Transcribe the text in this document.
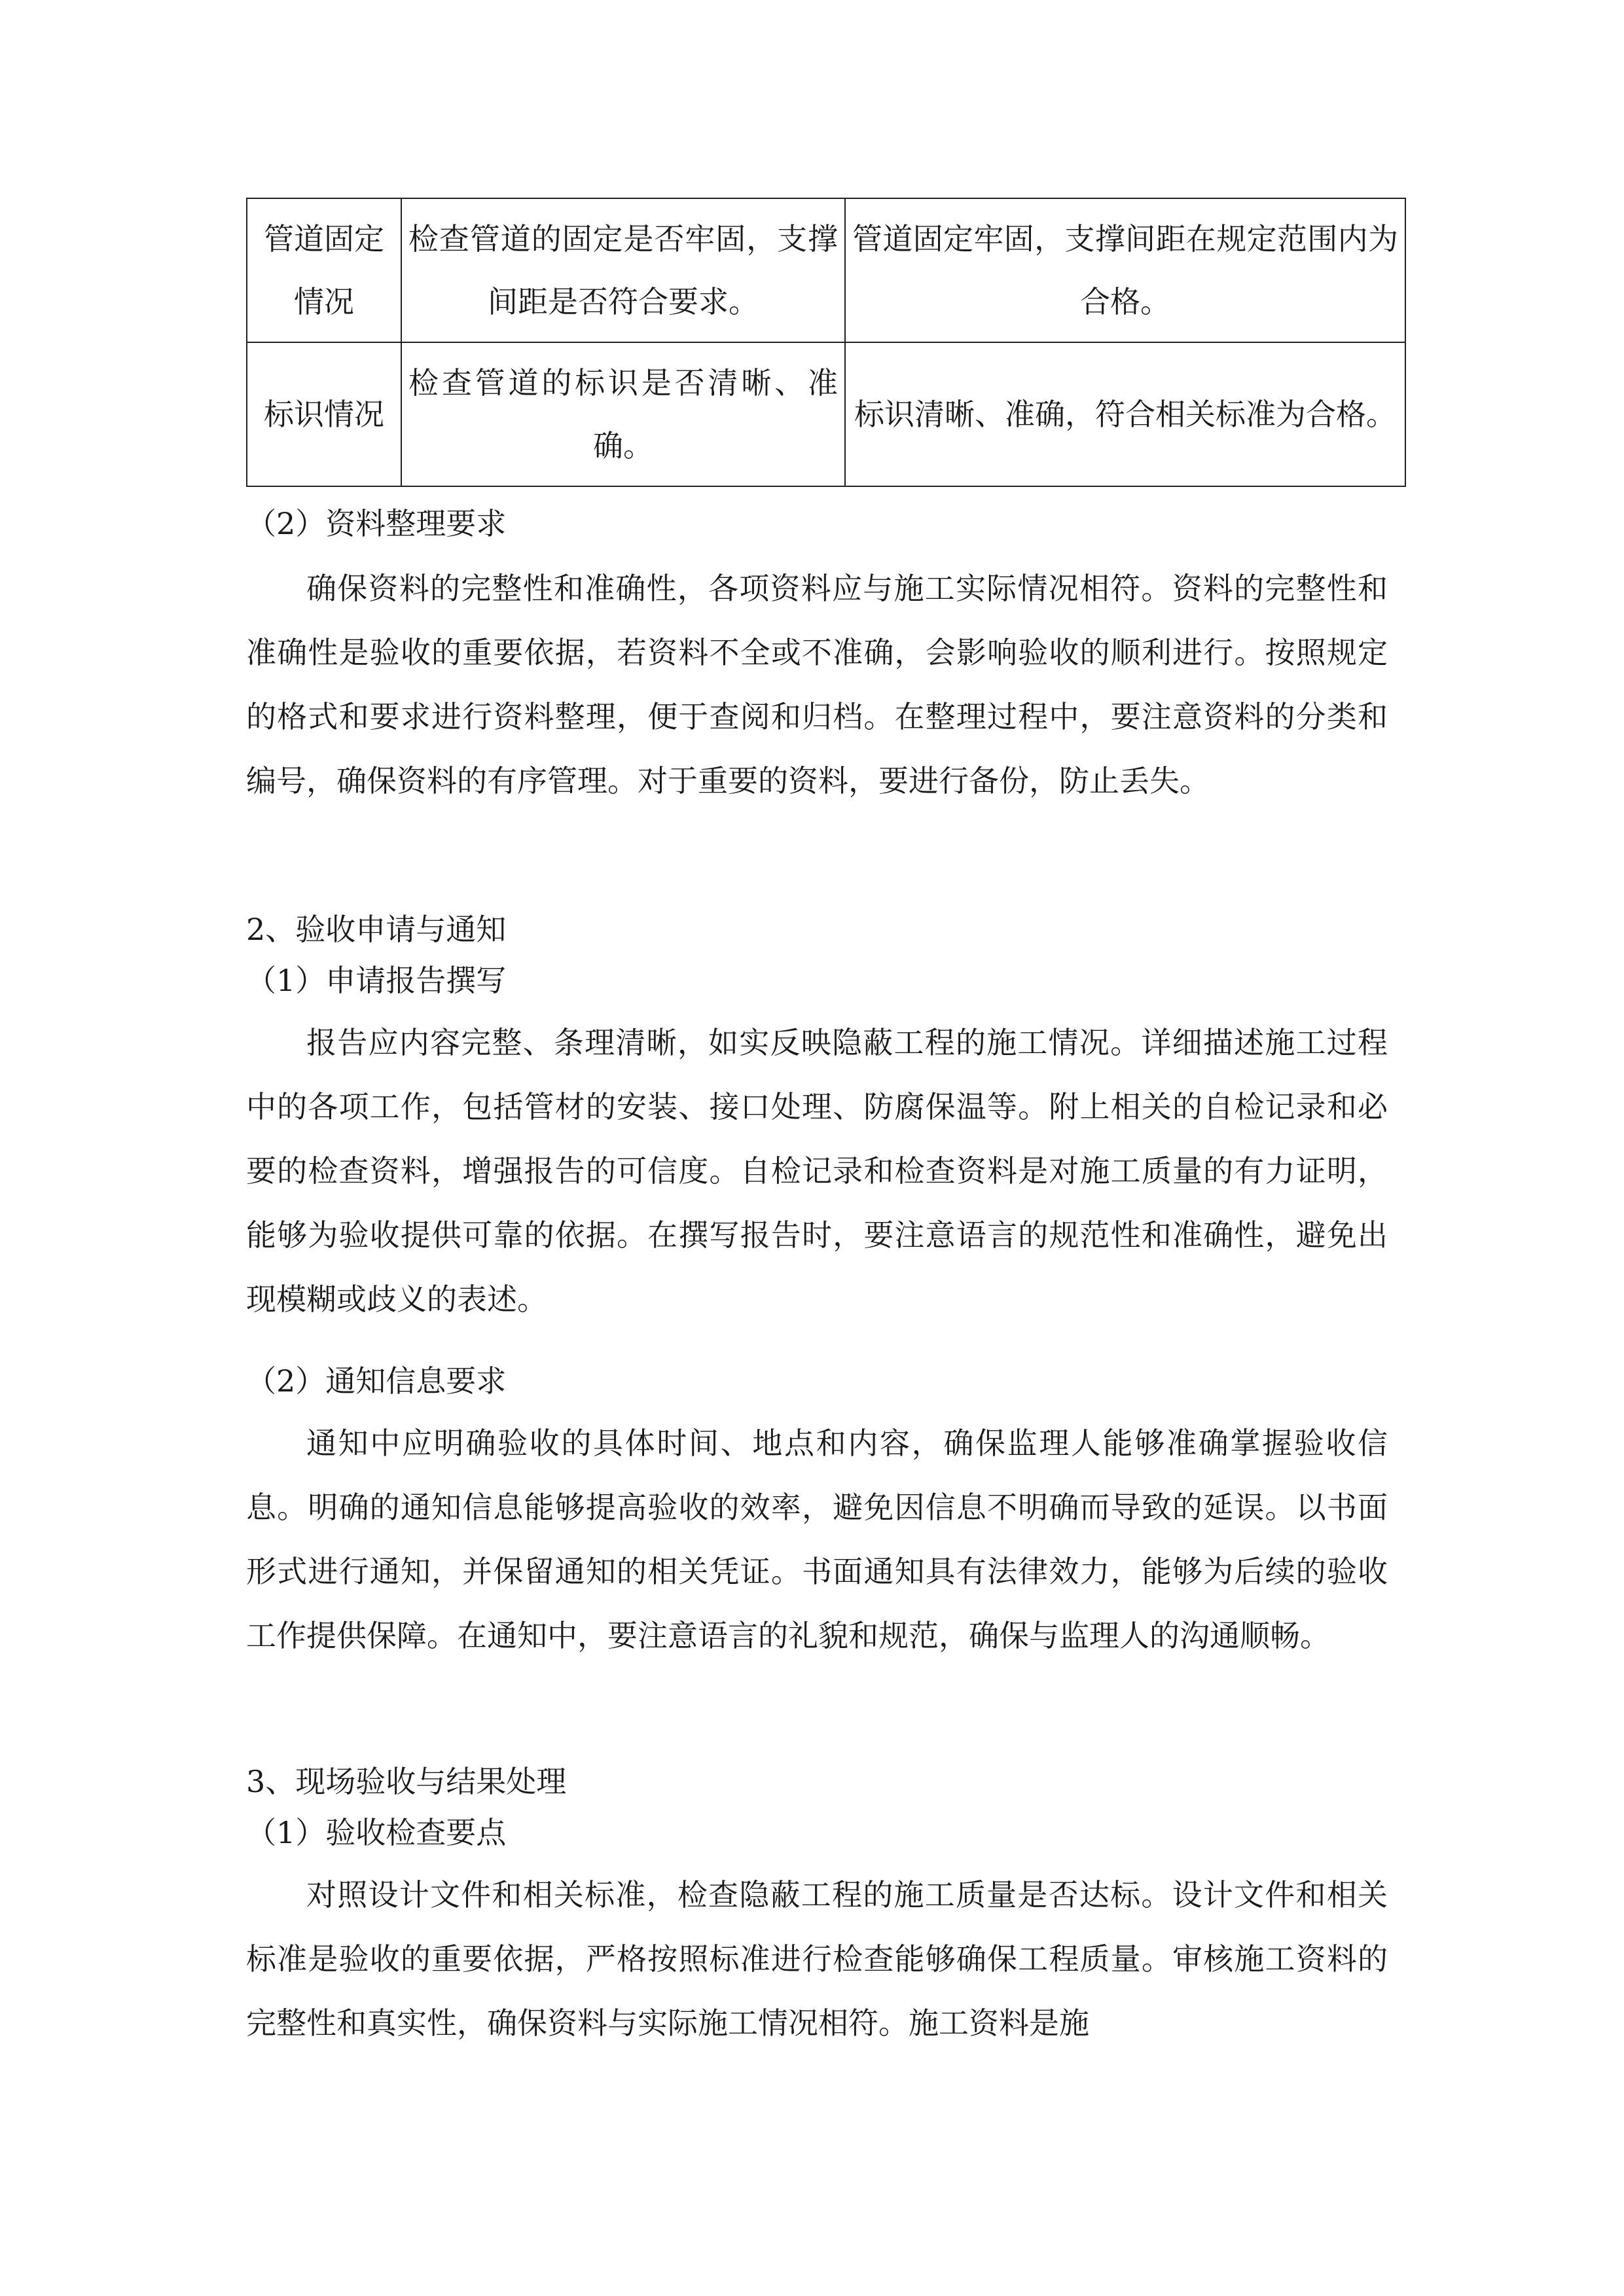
管道固定情况	检查管道的固定是否牢固，支撑间距是否符合要求。	管道固定牢固，支撑间距在规定范围内为合格。
标识情况	检查管道的标识是否清晰、准确。	标识清晰、准确，符合相关标准为合格。

（2）资料整理要求

确保资料的完整性和准确性，各项资料应与施工实际情况相符。资料的完整性和准确性是验收的重要依据，若资料不全或不准确，会影响验收的顺利进行。按照规定的格式和要求进行资料整理，便于查阅和归档。在整理过程中，要注意资料的分类和编号，确保资料的有序管理。对于重要的资料，要进行备份，防止丢失。

2、验收申请与通知

（1）申请报告撰写

报告应内容完整、条理清晰，如实反映隐蔽工程的施工情况。详细描述施工过程中的各项工作，包括管材的安装、接口处理、防腐保温等。附上相关的自检记录和必要的检查资料，增强报告的可信度。自检记录和检查资料是对施工质量的有力证明，能够为验收提供可靠的依据。在撰写报告时，要注意语言的规范性和准确性，避免出现模糊或歧义的表述。

（2）通知信息要求

通知中应明确验收的具体时间、地点和内容，确保监理人能够准确掌握验收信息。明确的通知信息能够提高验收的效率，避免因信息不明确而导致的延误。以书面形式进行通知，并保留通知的相关凭证。书面通知具有法律效力，能够为后续的验收工作提供保障。在通知中，要注意语言的礼貌和规范，确保与监理人的沟通顺畅。

3、现场验收与结果处理

（1）验收检查要点

对照设计文件和相关标准，检查隐蔽工程的施工质量是否达标。设计文件和相关标准是验收的重要依据，严格按照标准进行检查能够确保工程质量。审核施工资料的完整性和真实性，确保资料与实际施工情况相符。施工资料是施
